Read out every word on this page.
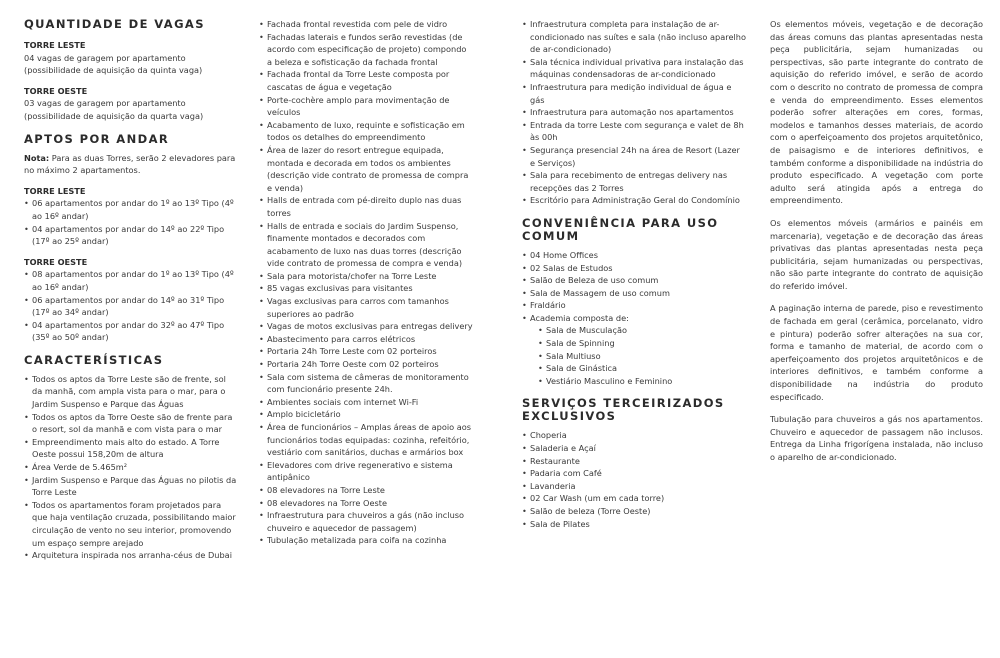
QUANTIDADE DE VAGAS
TORRE LESTE

04 vagas de garagem por apartamento (possibilidade de aquisição da quinta vaga)

TORRE OESTE

03 vagas de garagem por apartamento (possibilidade de aquisição da quarta vaga)

APTOS POR ANDAR

Nota: Para as duas Torres, serão 2 elevadores para no máximo 2 apartamentos.

TORRE LESTE
• 06 apartamentos por andar do 1º ao 13º Tipo (4º ao 16º andar)
• 04 apartamentos por andar do 14º ao 22º Tipo (17º ao 25º andar)
TORRE OESTE
• 08 apartamentos por andar do 1º ao 13º Tipo (4º ao 16º andar)
• 06 apartamentos por andar do 14º ao 31º Tipo (17º ao 34º andar)
• 04 apartamentos por andar do 32º ao 47º Tipo (35º ao 50º andar)
CARACTERÍSTICAS
• Todos os aptos da Torre Leste são de frente, sol da manhã, com ampla vista para o mar, para o Jardim Suspenso e Parque das Águas
• Todos os aptos da Torre Oeste são de frente para o resort, sol da manhã e com vista para o mar
• Empreendimento mais alto do estado. A Torre Oeste possui 158,20m de altura
• Área Verde de 5.465m²
• Jardim Suspenso e Parque das Águas no pilotis da Torre Leste
• Todos os apartamentos foram projetados para que haja ventilação cruzada, possibilitando maior circulação de vento no seu interior, promovendo um espaço sempre arejado
• Arquitetura inspirada nos arranha-céus de Dubai
• Fachada frontal revestida com pele de vidro
• Fachadas laterais e fundos serão revestidas (de acordo com especificação de projeto) compondo a beleza e sofisticação da fachada frontal
• Fachada frontal da Torre Leste composta por cascatas de água e vegetação
• Porte-cochère amplo para movimentação de veículos
• Acabamento de luxo, requinte e sofisticação em todos os detalhes do empreendimento
• Área de lazer do resort entregue equipada, montada e decorada em todos os ambientes (descrição vide contrato de promessa de compra e venda)
• Halls de entrada com pé-direito duplo nas duas torres
• Halls de entrada e sociais do Jardim Suspenso, finamente montados e decorados com acabamento de luxo nas duas torres (descrição vide contrato de promessa de compra e venda)
• Sala para motorista/chofer na Torre Leste
• 85 vagas exclusivas para visitantes
• Vagas exclusivas para carros com tamanhos superiores ao padrão
• Vagas de motos exclusivas para entregas delivery
• Abastecimento para carros elétricos
• Portaria 24h Torre Leste com 02 porteiros
• Portaria 24h Torre Oeste com 02 porteiros
• Sala com sistema de câmeras de monitoramento com funcionário presente 24h.
• Ambientes sociais com internet Wi-Fi
• Amplo bicicletário
• Área de funcionários – Amplas áreas de apoio aos funcionários todas equipadas: cozinha, refeitório, vestiário com sanitários, duchas e armários box
• Elevadores com drive regenerativo e sistema antipânico
• 08 elevadores na Torre Leste
• 08 elevadores na Torre Oeste
• Infraestrutura para chuveiros a gás (não incluso chuveiro e aquecedor de passagem)
• Tubulação metalizada para coifa na cozinha
• Infraestrutura completa para instalação de ar-condicionado nas suítes e sala (não incluso aparelho de ar-condicionado)
• Sala técnica individual privativa para instalação das máquinas condensadoras de ar-condicionado
• Infraestrutura para medição individual de água e gás
• Infraestrutura para automação nos apartamentos
• Entrada da torre Leste com segurança e valet de 8h às 00h
• Segurança presencial 24h na área de Resort (Lazer e Serviços)
• Sala para recebimento de entregas delivery nas recepções das 2 Torres
• Escritório para Administração Geral do Condomínio
CONVENIÊNCIA PARA USO COMUM
• 04 Home Offices
• 02 Salas de Estudos
• Salão de Beleza de uso comum
• Sala de Massagem de uso comum
• Fraldário
• Academia composta de:
• Sala de Musculação
• Sala de Spinning
• Sala Multiuso
• Sala de Ginástica
• Vestiário Masculino e Feminino
SERVIÇOS TERCEIRIZADOS EXCLUSIVOS
• Choperia
• Saladeria e Açaí
• Restaurante
• Padaria com Café
• Lavanderia
• 02 Car Wash (um em cada torre)
• Salão de beleza (Torre Oeste)
• Sala de Pilates

Os elementos móveis, vegetação e de decoração das áreas comuns das plantas apresentadas nesta peça publicitária, sejam humanizadas ou perspectivas, são parte integrante do contrato de aquisição do referido imóvel, e serão de acordo com o descrito no contrato de promessa de compra e venda do empreendimento. Esses elementos poderão sofrer alterações em cores, formas, modelos e tamanhos desses materiais, de acordo com o aperfeiçoamento dos projetos arquitetônico, de paisagismo e de interiores definitivos, e também conforme a disponibilidade na indústria do produto especificado. A vegetação com porte adulto será atingida após a entrega do empreendimento.

Os elementos móveis (armários e painéis em marcenaria), vegetação e de decoração das áreas privativas das plantas apresentadas nesta peça publicitária, sejam humanizadas ou perspectivas, não são parte integrante do contrato de aquisição do referido imóvel.

A paginação interna de parede, piso e revestimento de fachada em geral (cerâmica, porcelanato, vidro e pintura) poderão sofrer alterações na sua cor, forma e tamanho de material, de acordo com o aperfeiçoamento dos projetos arquitetônicos e de interiores definitivos, e também conforme a disponibilidade na indústria do produto especificado.

Tubulação para chuveiros a gás nos apartamentos. Chuveiro e aquecedor de passagem não inclusos. Entrega da Linha frigorígena instalada, não incluso o aparelho de ar-condicionado.
